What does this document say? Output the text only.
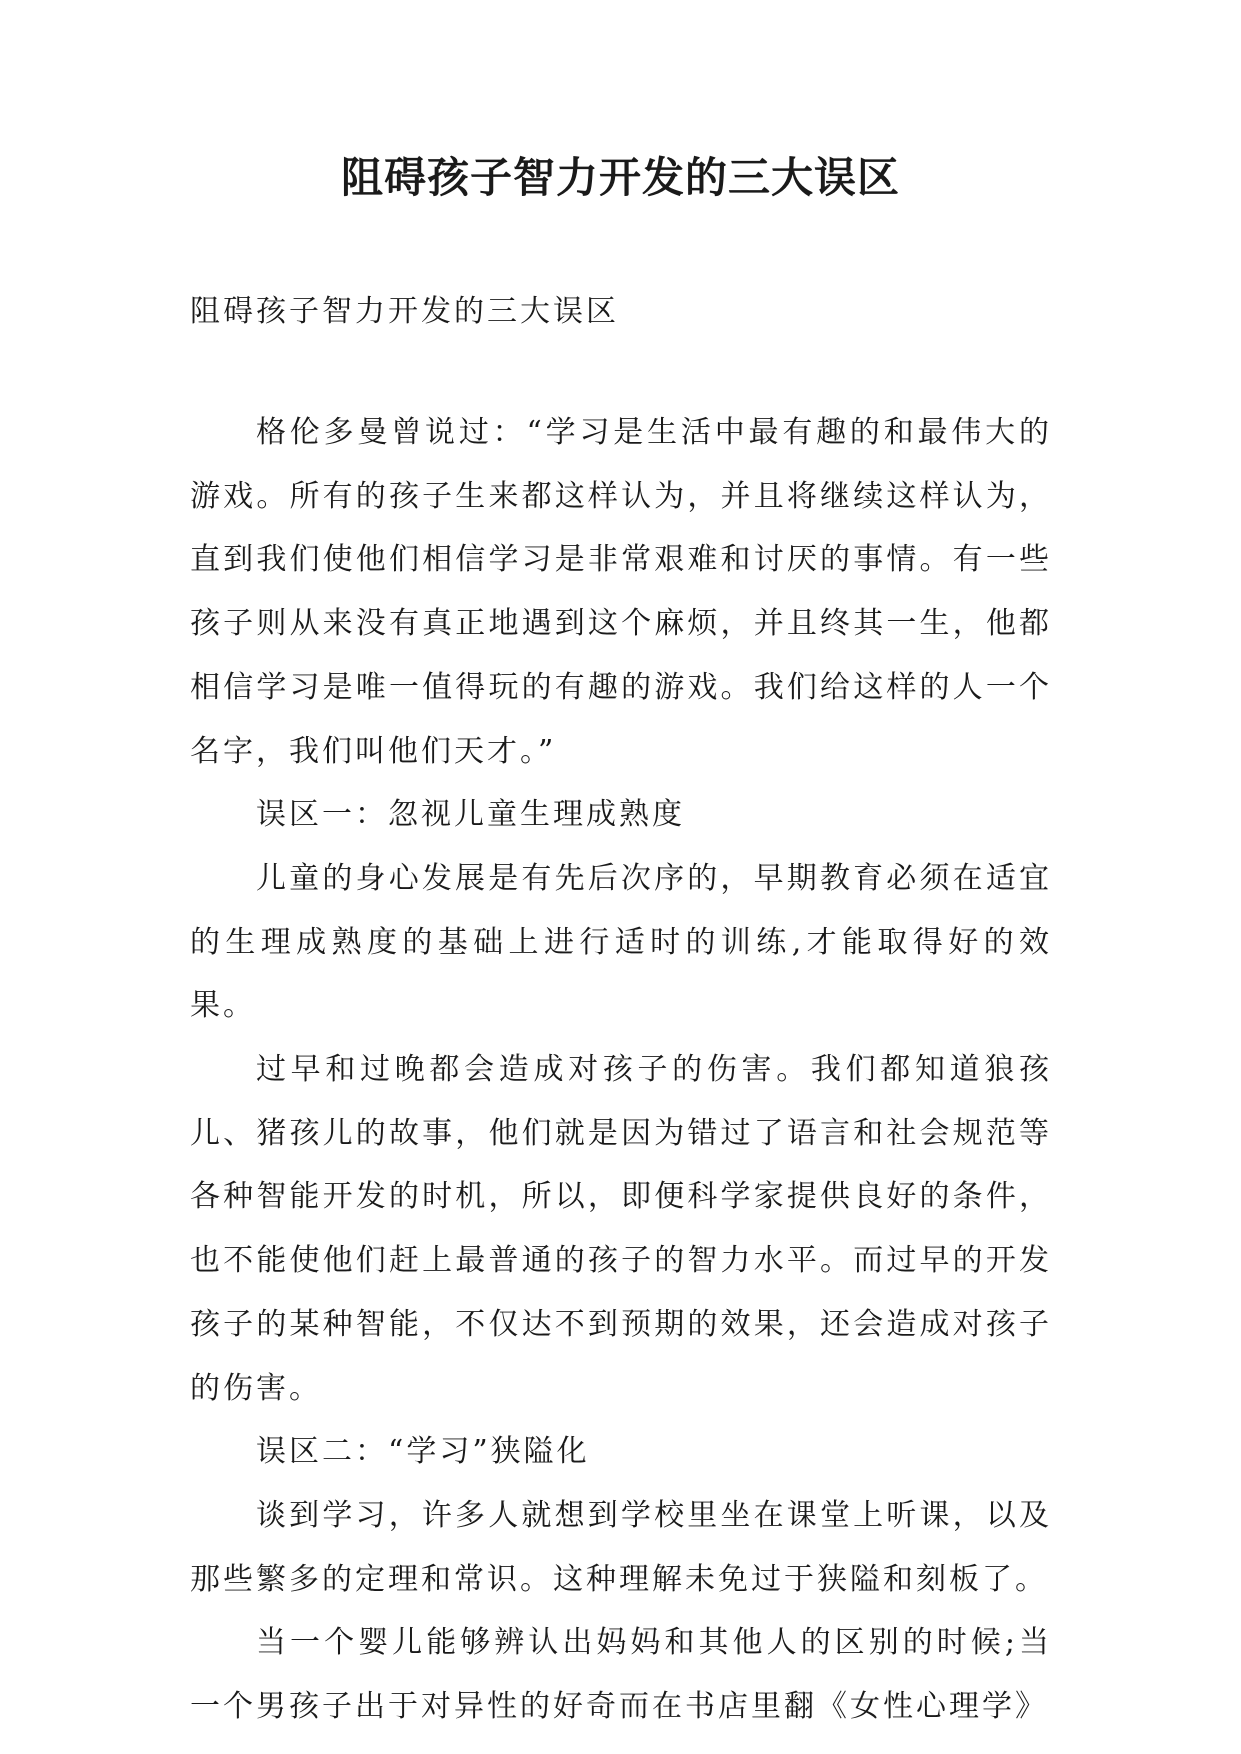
阻碍孩子智力开发的三大误区

阻碍孩子智力开发的三大误区

格伦多曼曾说过：“学习是生活中最有趣的和最伟大的游戏。所有的孩子生来都这样认为，并且将继续这样认为，直到我们使他们相信学习是非常艰难和讨厌的事情。有一些孩子则从来没有真正地遇到这个麻烦，并且终其一生，他都相信学习是唯一值得玩的有趣的游戏。我们给这样的人一个名字，我们叫他们天才。”

误区一：忽视儿童生理成熟度

儿童的身心发展是有先后次序的，早期教育必须在适宜的生理成熟度的基础上进行适时的训练,才能取得好的效果。

过早和过晚都会造成对孩子的伤害。我们都知道狼孩儿、猪孩儿的故事，他们就是因为错过了语言和社会规范等各种智能开发的时机，所以，即便科学家提供良好的条件，也不能使他们赶上最普通的孩子的智力水平。而过早的开发孩子的某种智能，不仅达不到预期的效果，还会造成对孩子的伤害。

误区二：“学习”狭隘化

谈到学习，许多人就想到学校里坐在课堂上听课，以及那些繁多的定理和常识。这种理解未免过于狭隘和刻板了。

当一个婴儿能够辨认出妈妈和其他人的区别的时候;当一个男孩子出于对异性的好奇而在书店里翻《女性心理学》
